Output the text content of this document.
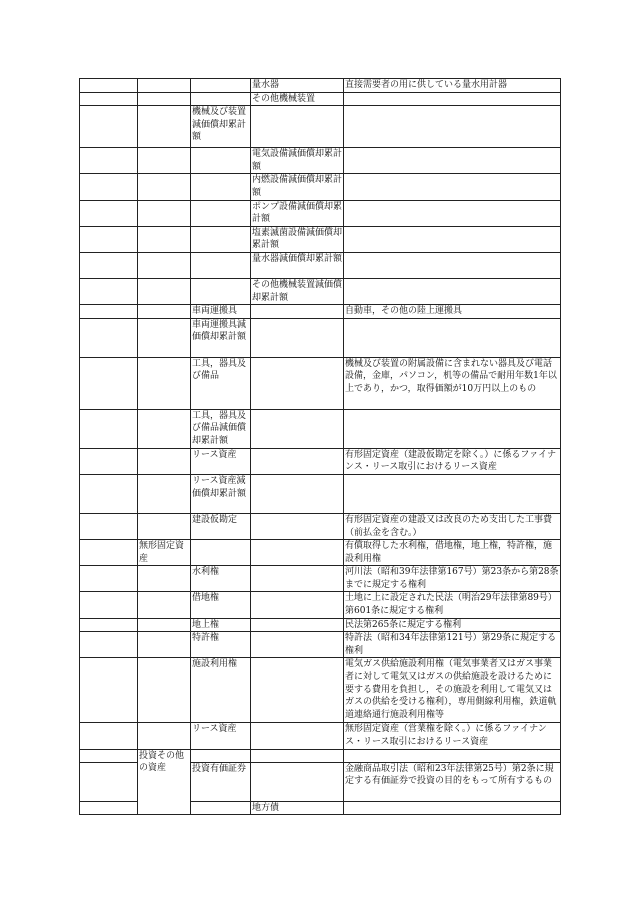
			量水器	直接需要者の用に供している量水用計器
			その他機械装置	
		機械及び装置減価償却累計額		
			電気設備減価償却累計額	
			内燃設備減価償却累計額	
			ポンプ設備減価償却累計額	
			塩素滅菌設備減価償却累計額	
			量水器減価償却累計額	
			その他機械装置減価償却累計額	
		車両運搬具		自動車，その他の陸上運搬具
		車両運搬具減価償却累計額		
		工具，器具及び備品		機械及び装置の附属設備に含まれない器具及び電話設備，金庫，パソコン，机等の備品で耐用年数1年以上であり，かつ，取得価額が10万円以上のもの
		工具，器具及び備品減価償却累計額		
		リース資産		有形固定資産（建設仮勘定を除く。）に係るファイナンス・リース取引におけるリース資産
		リース資産減価償却累計額		
		建設仮勘定		有形固定資産の建設又は改良のため支出した工事費（前払金を含む。）
	無形固定資産			有償取得した水利権，借地権，地上権，特許権，施設利用権
		水利権		河川法（昭和39年法律第167号）第23条から第28条までに規定する権利
		借地権		土地に上に設定された民法（明治29年法律第89号）第601条に規定する権利
		地上権		民法第265条に規定する権利
		特許権		特許法（昭和34年法律第121号）第29条に規定する権利
		施設利用権		電気ガス供給施設利用権（電気事業者又はガス事業者に対して電気又はガスの供給施設を設けるために要する費用を負担し，その施設を利用して電気又はガスの供給を受ける権利），専用側線利用権，鉄道軌道連絡通行施設利用権等
		リース資産		無形固定資産（営業権を除く。）に係るファイナンス・リース取引におけるリース資産
	投資その他の資産			
		投資有価証券		金融商品取引法（昭和23年法律第25号）第2条に規定する有価証券で投資の目的をもって所有するもの
			地方債	
